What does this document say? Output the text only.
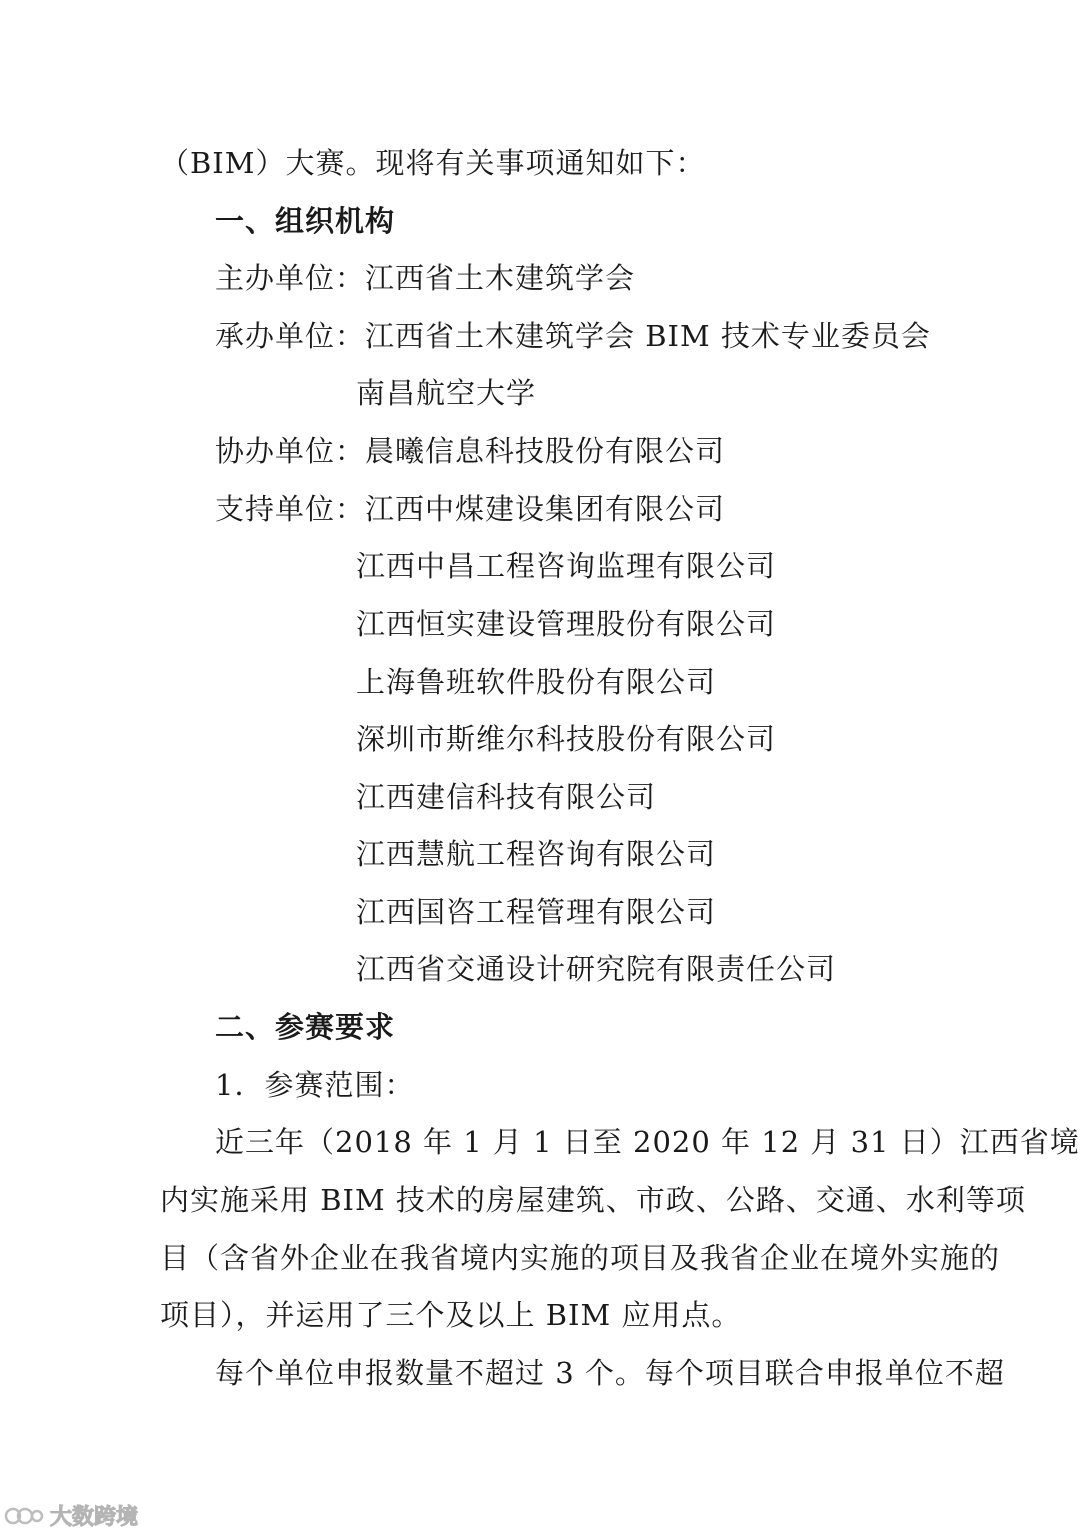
（BIM）大赛。现将有关事项通知如下：
一、组织机构
主办单位：江西省土木建筑学会
承办单位：江西省土木建筑学会 BIM 技术专业委员会
南昌航空大学
协办单位：晨曦信息科技股份有限公司
支持单位：江西中煤建设集团有限公司
江西中昌工程咨询监理有限公司
江西恒实建设管理股份有限公司
上海鲁班软件股份有限公司
深圳市斯维尔科技股份有限公司
江西建信科技有限公司
江西慧航工程咨询有限公司
江西国咨工程管理有限公司
江西省交通设计研究院有限责任公司
二、参赛要求
1．参赛范围：
近三年（2018 年 1 月 1 日至 2020 年 12 月 31 日）江西省境
内实施采用 BIM 技术的房屋建筑、市政、公路、交通、水利等项
目（含省外企业在我省境内实施的项目及我省企业在境外实施的
项目），并运用了三个及以上 BIM 应用点。
每个单位申报数量不超过 3 个。每个项目联合申报单位不超
大数跨境
